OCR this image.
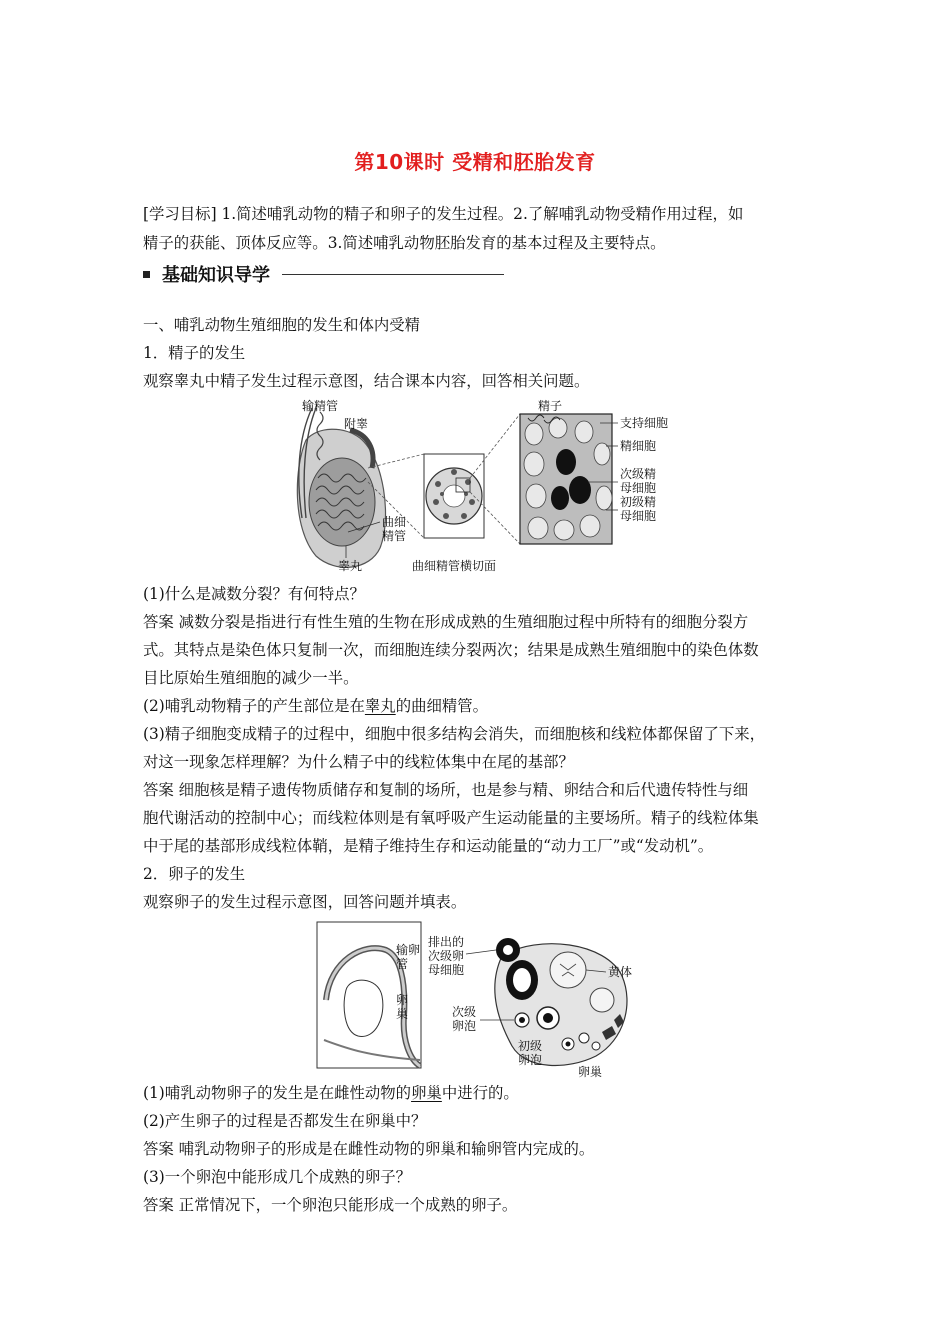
第10课时 受精和胚胎发育

[学习目标] 1.简述哺乳动物的精子和卵子的发生过程。2.了解哺乳动物受精作用过程，如

精子的获能、顶体反应等。3.简述哺乳动物胚胎发育的基本过程及主要特点。

基础知识导学

一、哺乳动物生殖细胞的发生和体内受精

1．精子的发生

观察睾丸中精子发生过程示意图，结合课本内容，回答相关问题。

输精管
附睾
曲细
精管
睾丸	曲细精管横切面
精子
支持细胞
精细胞
次级精
母细胞
初级精
母细胞

(1)什么是减数分裂？有何特点？

答案 减数分裂是指进行有性生殖的生物在形成成熟的生殖细胞过程中所特有的细胞分裂方

式。其特点是染色体只复制一次，而细胞连续分裂两次；结果是成熟生殖细胞中的染色体数

目比原始生殖细胞的减少一半。

(2)哺乳动物精子的产生部位是在睾丸的曲细精管。

(3)精子细胞变成精子的过程中，细胞中很多结构会消失，而细胞核和线粒体都保留了下来，

对这一现象怎样理解？为什么精子中的线粒体集中在尾的基部？

答案 细胞核是精子遗传物质储存和复制的场所，也是参与精、卵结合和后代遗传特性与细

胞代谢活动的控制中心；而线粒体则是有氧呼吸产生运动能量的主要场所。精子的线粒体集

中于尾的基部形成线粒体鞘，是精子维持生存和运动能量的“动力工厂”或“发动机”。

2．卵子的发生

观察卵子的发生过程示意图，回答问题并填表。

输卵
管
卵
巢
排出的
次级卵
母细胞	黄体
次级
卵泡
初级
卵泡
卵巢

(1)哺乳动物卵子的发生是在雌性动物的卵巢中进行的。

(2)产生卵子的过程是否都发生在卵巢中？

答案 哺乳动物卵子的形成是在雌性动物的卵巢和输卵管内完成的。

(3)一个卵泡中能形成几个成熟的卵子？

答案 正常情况下，一个卵泡只能形成一个成熟的卵子。
